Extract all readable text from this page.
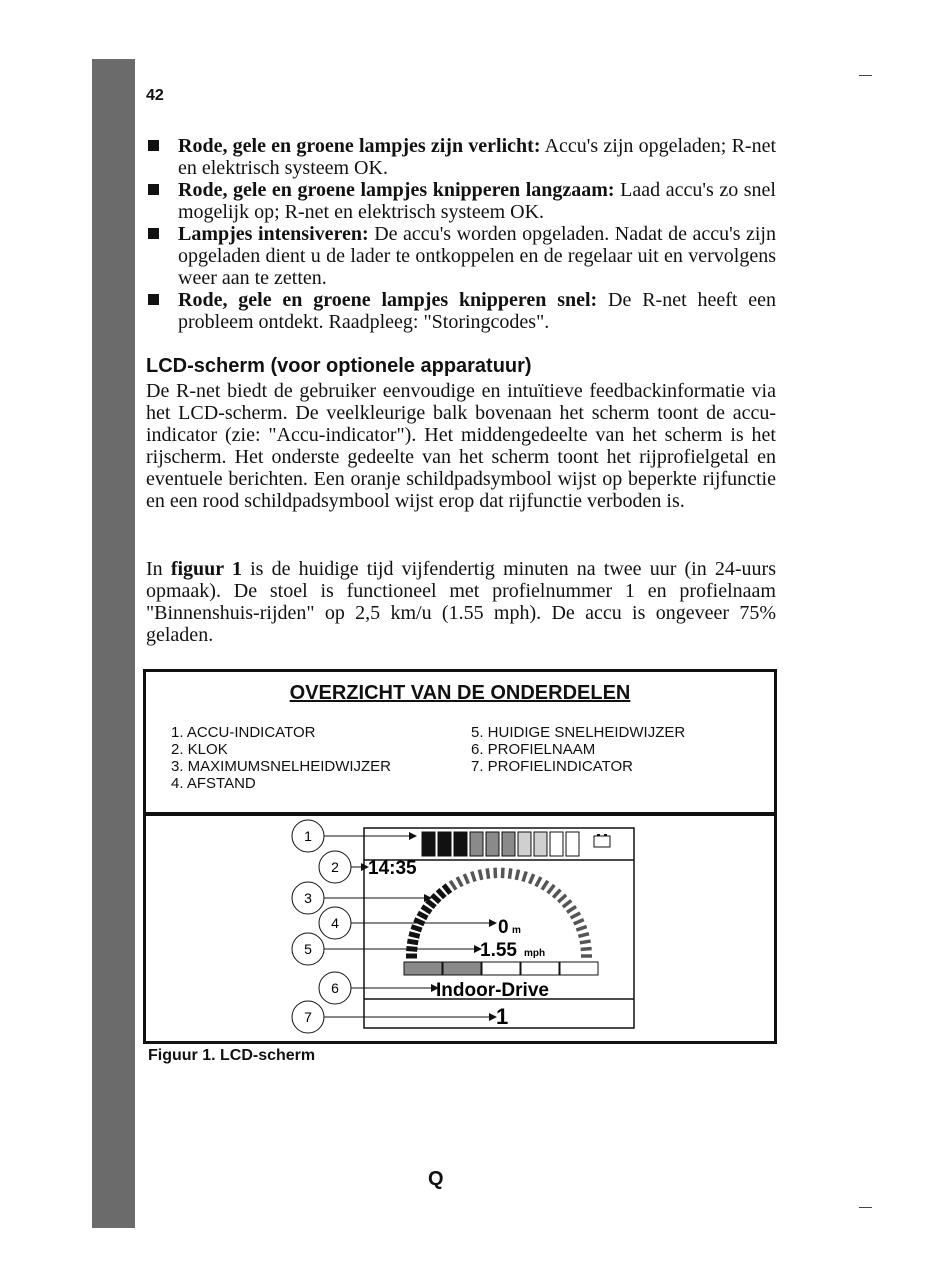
42
Rode, gele en groene lampjes zijn verlicht: Accu's zijn opgeladen; R-net en elektrisch systeem OK.
Rode, gele en groene lampjes knipperen langzaam: Laad accu's zo snel mogelijk op; R-net en elektrisch systeem OK.
Lampjes intensiveren: De accu's worden opgeladen. Nadat de accu's zijn opgeladen dient u de lader te ontkoppelen en de regelaar uit en vervolgens weer aan te zetten.
Rode, gele en groene lampjes knipperen snel: De R-net heeft een probleem ontdekt. Raadpleeg: "Storingcodes".
LCD-scherm (voor optionele apparatuur)

De R-net biedt de gebruiker eenvoudige en intuïtieve feedbackinformatie via het LCD-scherm. De veelkleurige balk bovenaan het scherm toont de accu-indicator (zie: "Accu-indicator"). Het middengedeelte van het scherm is het rijscherm. Het onderste gedeelte van het scherm toont het rijprofielgetal en eventuele berichten. Een oranje schildpadsymbool wijst op beperkte rijfunctie en een rood schildpadsymbool wijst erop dat rijfunctie verboden is.

In figuur 1 is de huidige tijd vijfendertig minuten na twee uur (in 24-uurs opmaak). De stoel is functioneel met profielnummer 1 en profielnaam "Binnenshuis-rijden" op 2,5 km/u (1.55 mph). De accu is ongeveer 75% geladen.

OVERZICHT VAN DE ONDERDELEN
1. ACCU-INDICATOR
2. KLOK
3. MAXIMUMSNELHEIDWIJZER
4. AFSTAND
5. HUIDIGE SNELHEIDWIJZER
6. PROFIELNAAM
7. PROFIELINDICATOR
14:35
0 m
1.55 mph
Indoor-Drive
1
1
2
3
4
5
6
7
Figuur 1. LCD-scherm
Q
